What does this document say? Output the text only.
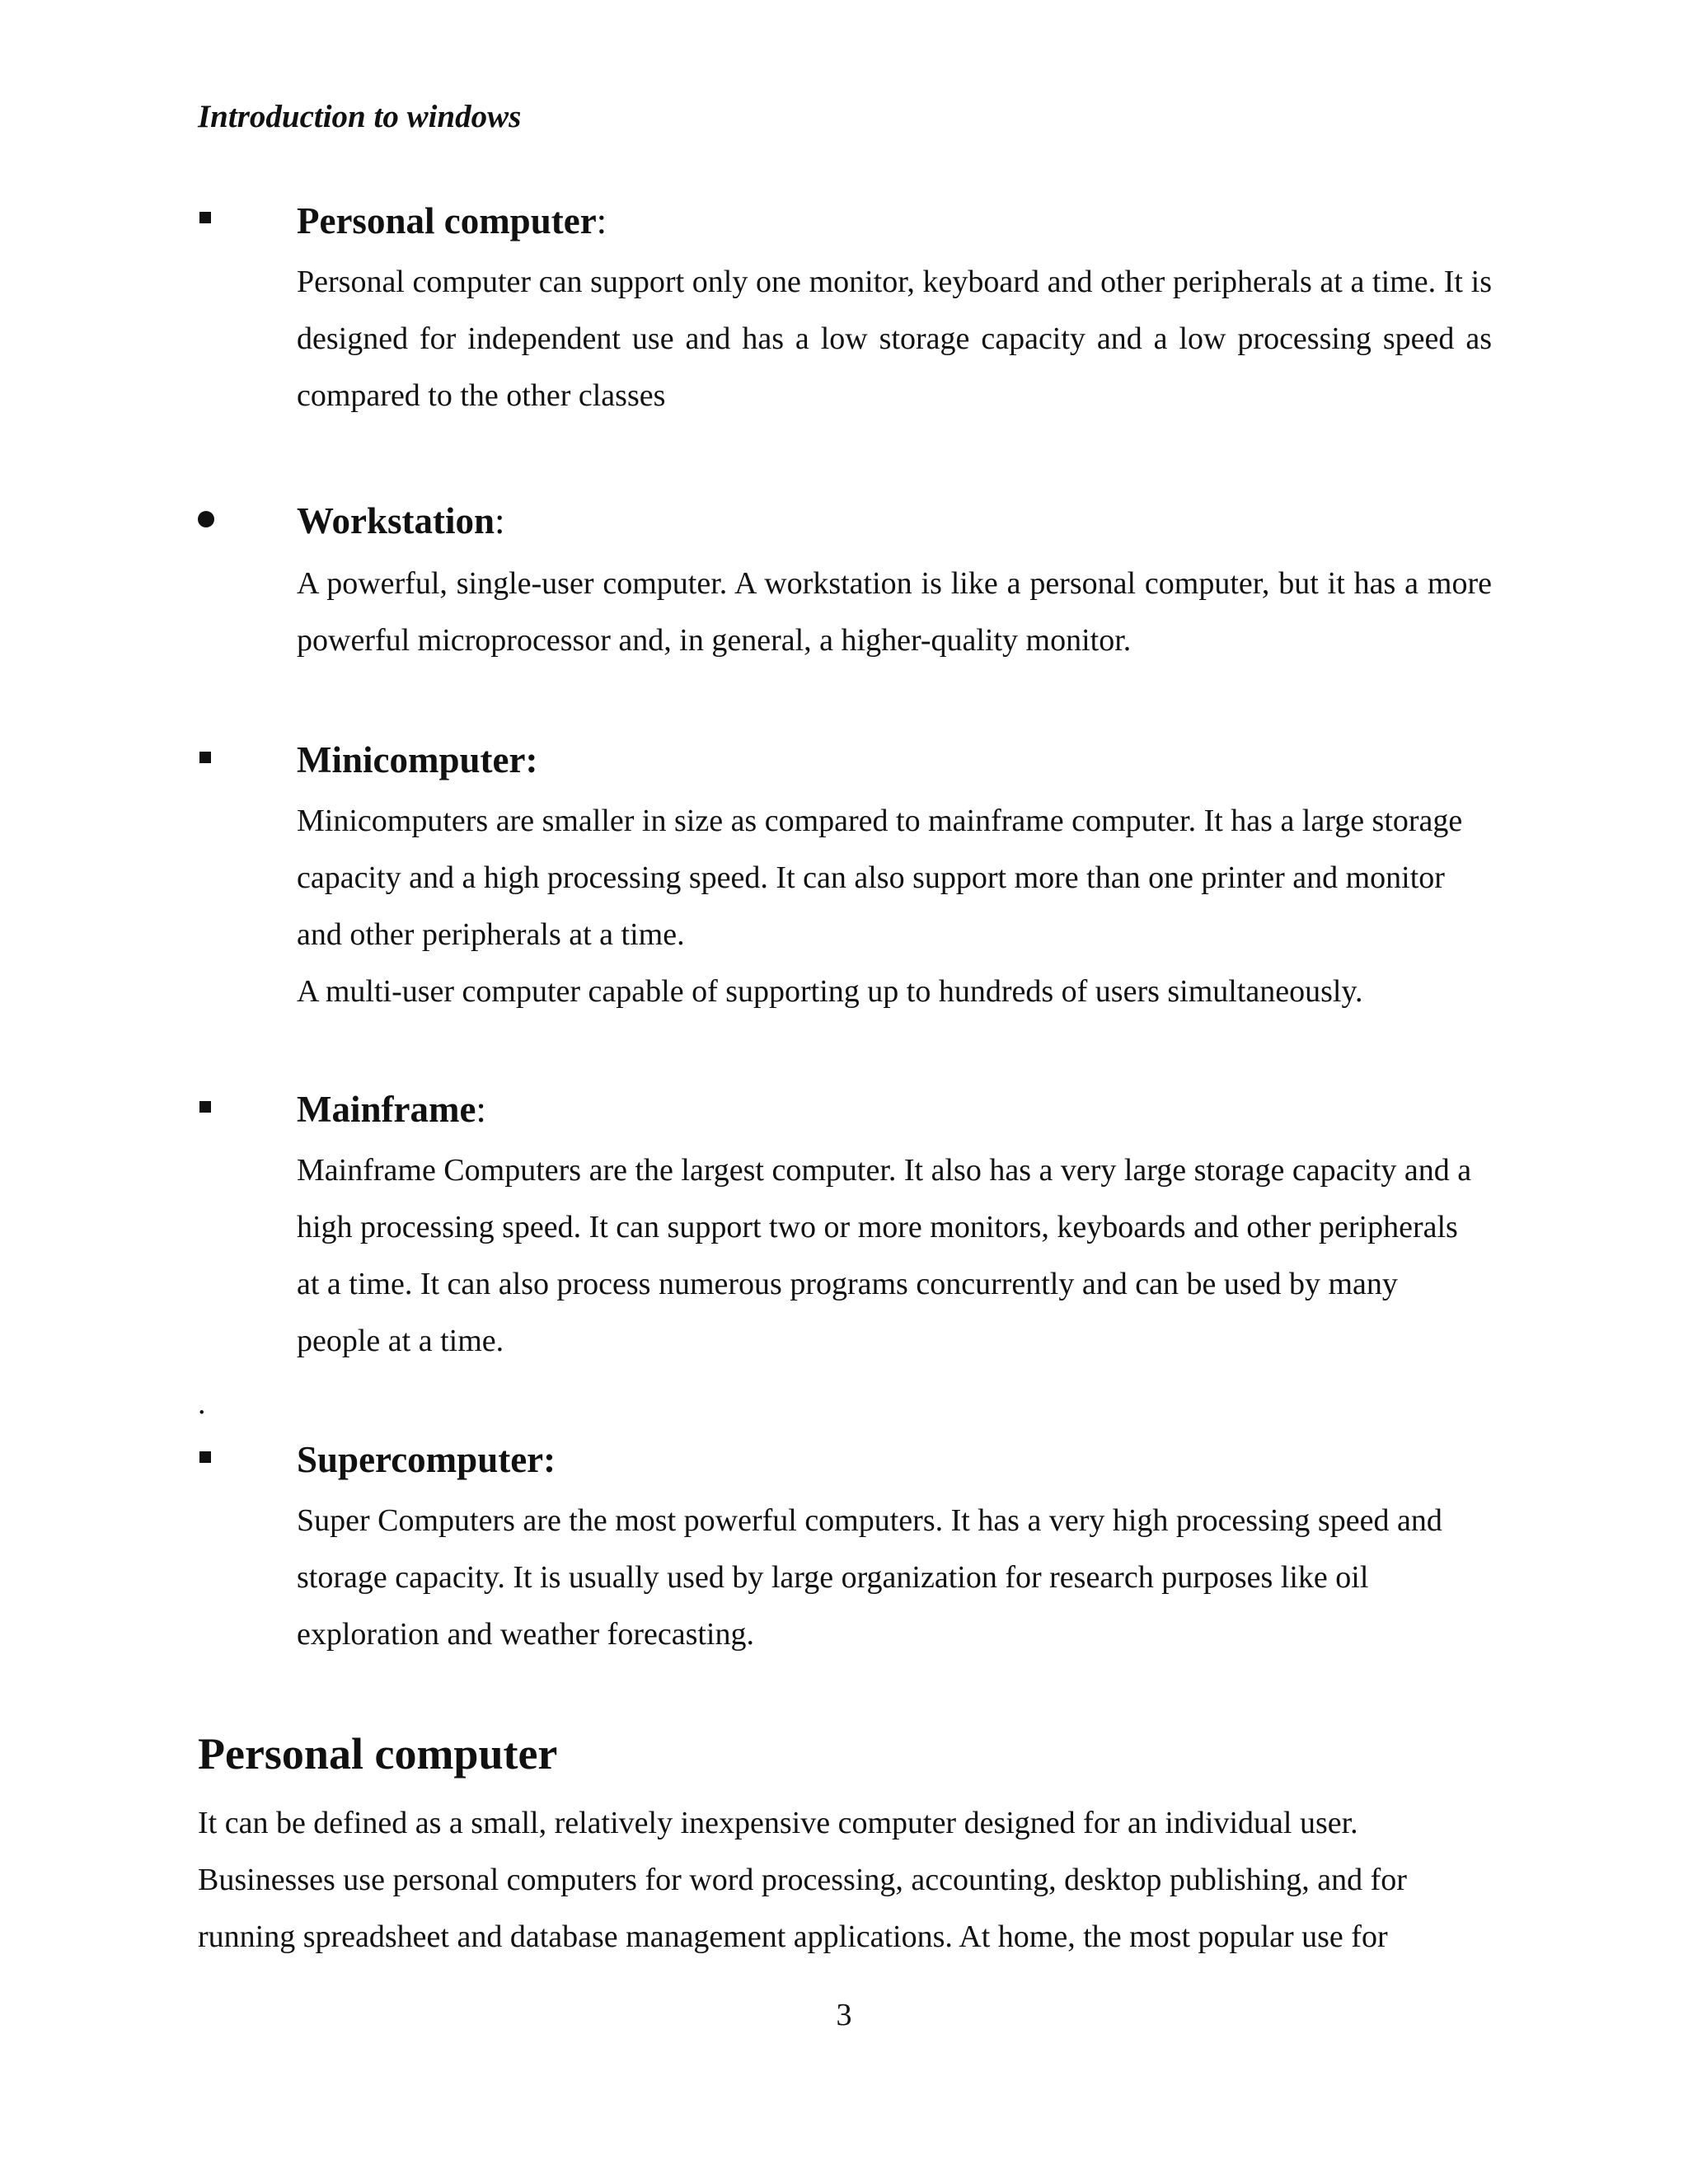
Introduction to windows
Personal computer:

Personal computer can support only one monitor, keyboard and other peripherals at a time. It is designed for independent use and has a low storage capacity and a low processing speed as compared to the other classes

Workstation:

A powerful, single-user computer. A workstation is like a personal computer, but it has a more powerful microprocessor and, in general, a higher-quality monitor.

Minicomputer:

Minicomputers are smaller in size as compared to mainframe computer. It has a large storage capacity and a high processing speed. It can also support more than one printer and monitor and other peripherals at a time.

A multi-user computer capable of supporting up to hundreds of users simultaneously.

Mainframe:

Mainframe Computers are the largest computer. It also has a very large storage capacity and a high processing speed. It can support two or more monitors, keyboards and other peripherals at a time. It can also process numerous programs concurrently and can be used by many people at a time.

.
Supercomputer:

Super Computers are the most powerful computers. It has a very high processing speed and storage capacity. It is usually used by large organization for research purposes like oil exploration and weather forecasting.

Personal computer
It can be defined as a small, relatively inexpensive computer designed for an individual user.
Businesses use personal computers for word processing, accounting, desktop publishing, and for
running spreadsheet and database management applications. At home, the most popular use for
3
